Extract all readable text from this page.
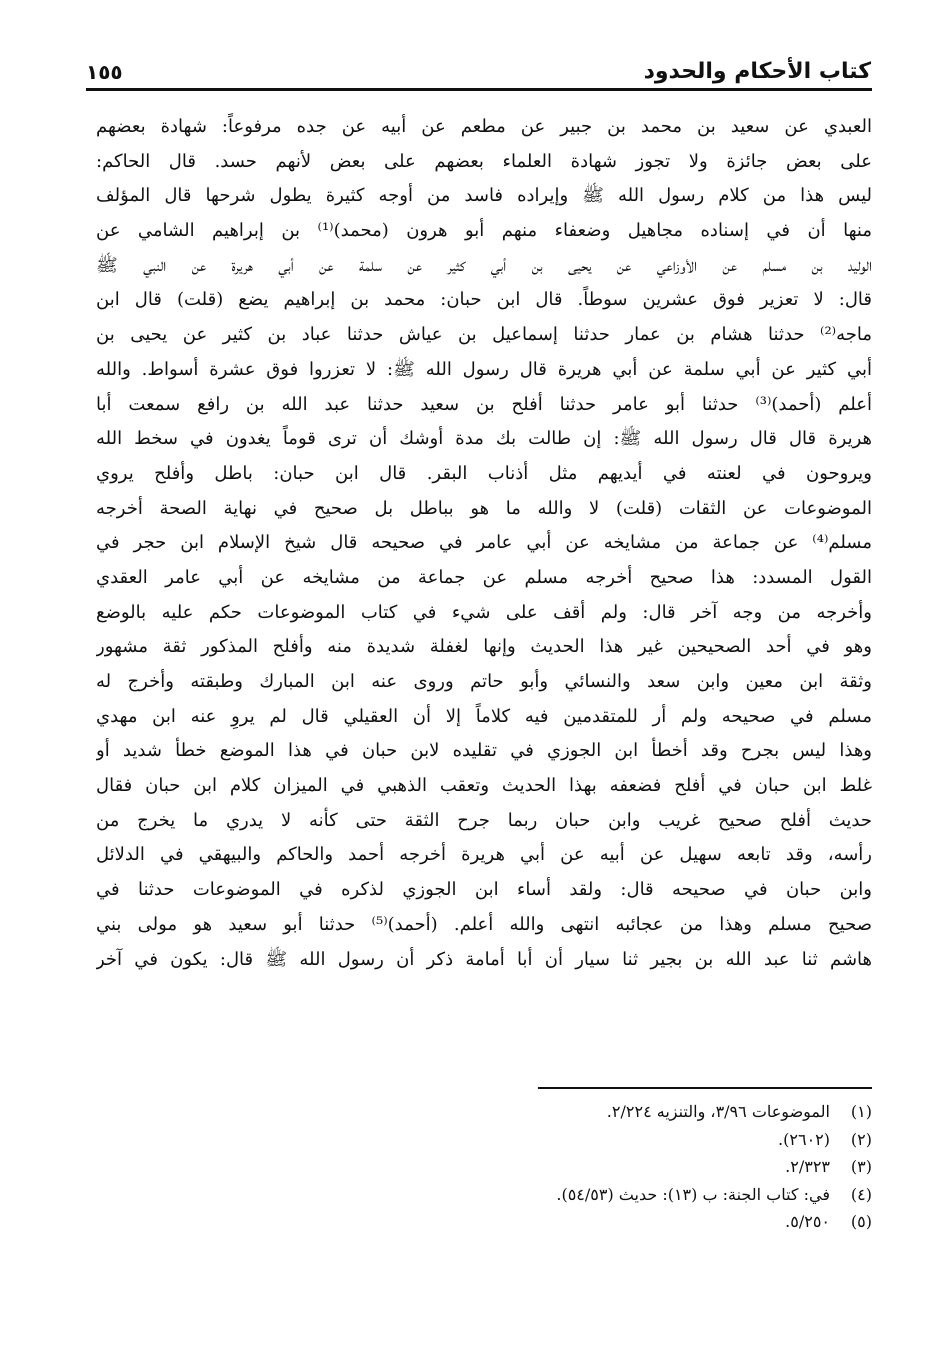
كتاب الأحكام والحدود
١٥٥
العبدي عن سعيد بن محمد بن جبير عن مطعم عن أبيه عن جده مرفوعاً: شهادة بعضهم
على بعض جائزة ولا تجوز شهادة العلماء بعضهم على بعض لأنهم حسد. قال الحاكم:
ليس هذا من كلام رسول الله ﷺ وإيراده فاسد من أوجه كثيرة يطول شرحها قال المؤلف
منها أن في إسناده مجاهيل وضعفاء منهم أبو هرون (محمد)⁽¹⁾ بن إبراهيم الشامي عن
الوليد بن مسلم عن الأوزاعي عن يحيى بن أبي كثير عن سلمة عن أبي هريرة عن النبي ﷺ
قال: لا تعزير فوق عشرين سوطاً. قال ابن حبان: محمد بن إبراهيم يضع (قلت) قال ابن
ماجه⁽²⁾ حدثنا هشام بن عمار حدثنا إسماعيل بن عياش حدثنا عباد بن كثير عن يحيى بن
أبي كثير عن أبي سلمة عن أبي هريرة قال رسول الله ﷺ: لا تعزروا فوق عشرة أسواط. والله
أعلم (أحمد)⁽³⁾ حدثنا أبو عامر حدثنا أفلح بن سعيد حدثنا عبد الله بن رافع سمعت أبا
هريرة قال قال رسول الله ﷺ: إن طالت بك مدة أوشك أن ترى قوماً يغدون في سخط الله
ويروحون في لعنته في أيديهم مثل أذناب البقر. قال ابن حبان: باطل وأفلح يروي
الموضوعات عن الثقات (قلت) لا والله ما هو بباطل بل صحيح في نهاية الصحة أخرجه
مسلم⁽⁴⁾ عن جماعة من مشايخه عن أبي عامر في صحيحه قال شيخ الإسلام ابن حجر في
القول المسدد: هذا صحيح أخرجه مسلم عن جماعة من مشايخه عن أبي عامر العقدي
وأخرجه من وجه آخر قال: ولم أقف على شيء في كتاب الموضوعات حكم عليه بالوضع
وهو في أحد الصحيحين غير هذا الحديث وإنها لغفلة شديدة منه وأفلح المذكور ثقة مشهور
وثقة ابن معين وابن سعد والنسائي وأبو حاتم وروى عنه ابن المبارك وطبقته وأخرج له
مسلم في صحيحه ولم أر للمتقدمين فيه كلاماً إلا أن العقيلي قال لم يروِ عنه ابن مهدي
وهذا ليس بجرح وقد أخطأ ابن الجوزي في تقليده لابن حبان في هذا الموضع خطأ شديد أو
غلط ابن حبان في أفلح فضعفه بهذا الحديث وتعقب الذهبي في الميزان كلام ابن حبان فقال
حديث أفلح صحيح غريب وابن حبان ربما جرح الثقة حتى كأنه لا يدري ما يخرج من
رأسه، وقد تابعه سهيل عن أبيه عن أبي هريرة أخرجه أحمد والحاكم والبيهقي في الدلائل
وابن حبان في صحيحه قال: ولقد أساء ابن الجوزي لذكره في الموضوعات حدثنا في
صحيح مسلم وهذا من عجائبه انتهى والله أعلم. (أحمد)⁽⁵⁾ حدثنا أبو سعيد هو مولى بني
هاشم ثنا عبد الله بن بجير ثنا سيار أن أبا أمامة ذكر أن رسول الله ﷺ قال: يكون في آخر
(١)
الموضوعات ٣/٩٦، والتنزيه ٢/٢٢٤.
(٢)
(٢٦٠٢).
(٣)
٢/٣٢٣.
(٤)
في: كتاب الجنة: ب (١٣): حديث (٥٤/٥٣).
(٥)
٥/٢٥٠.
